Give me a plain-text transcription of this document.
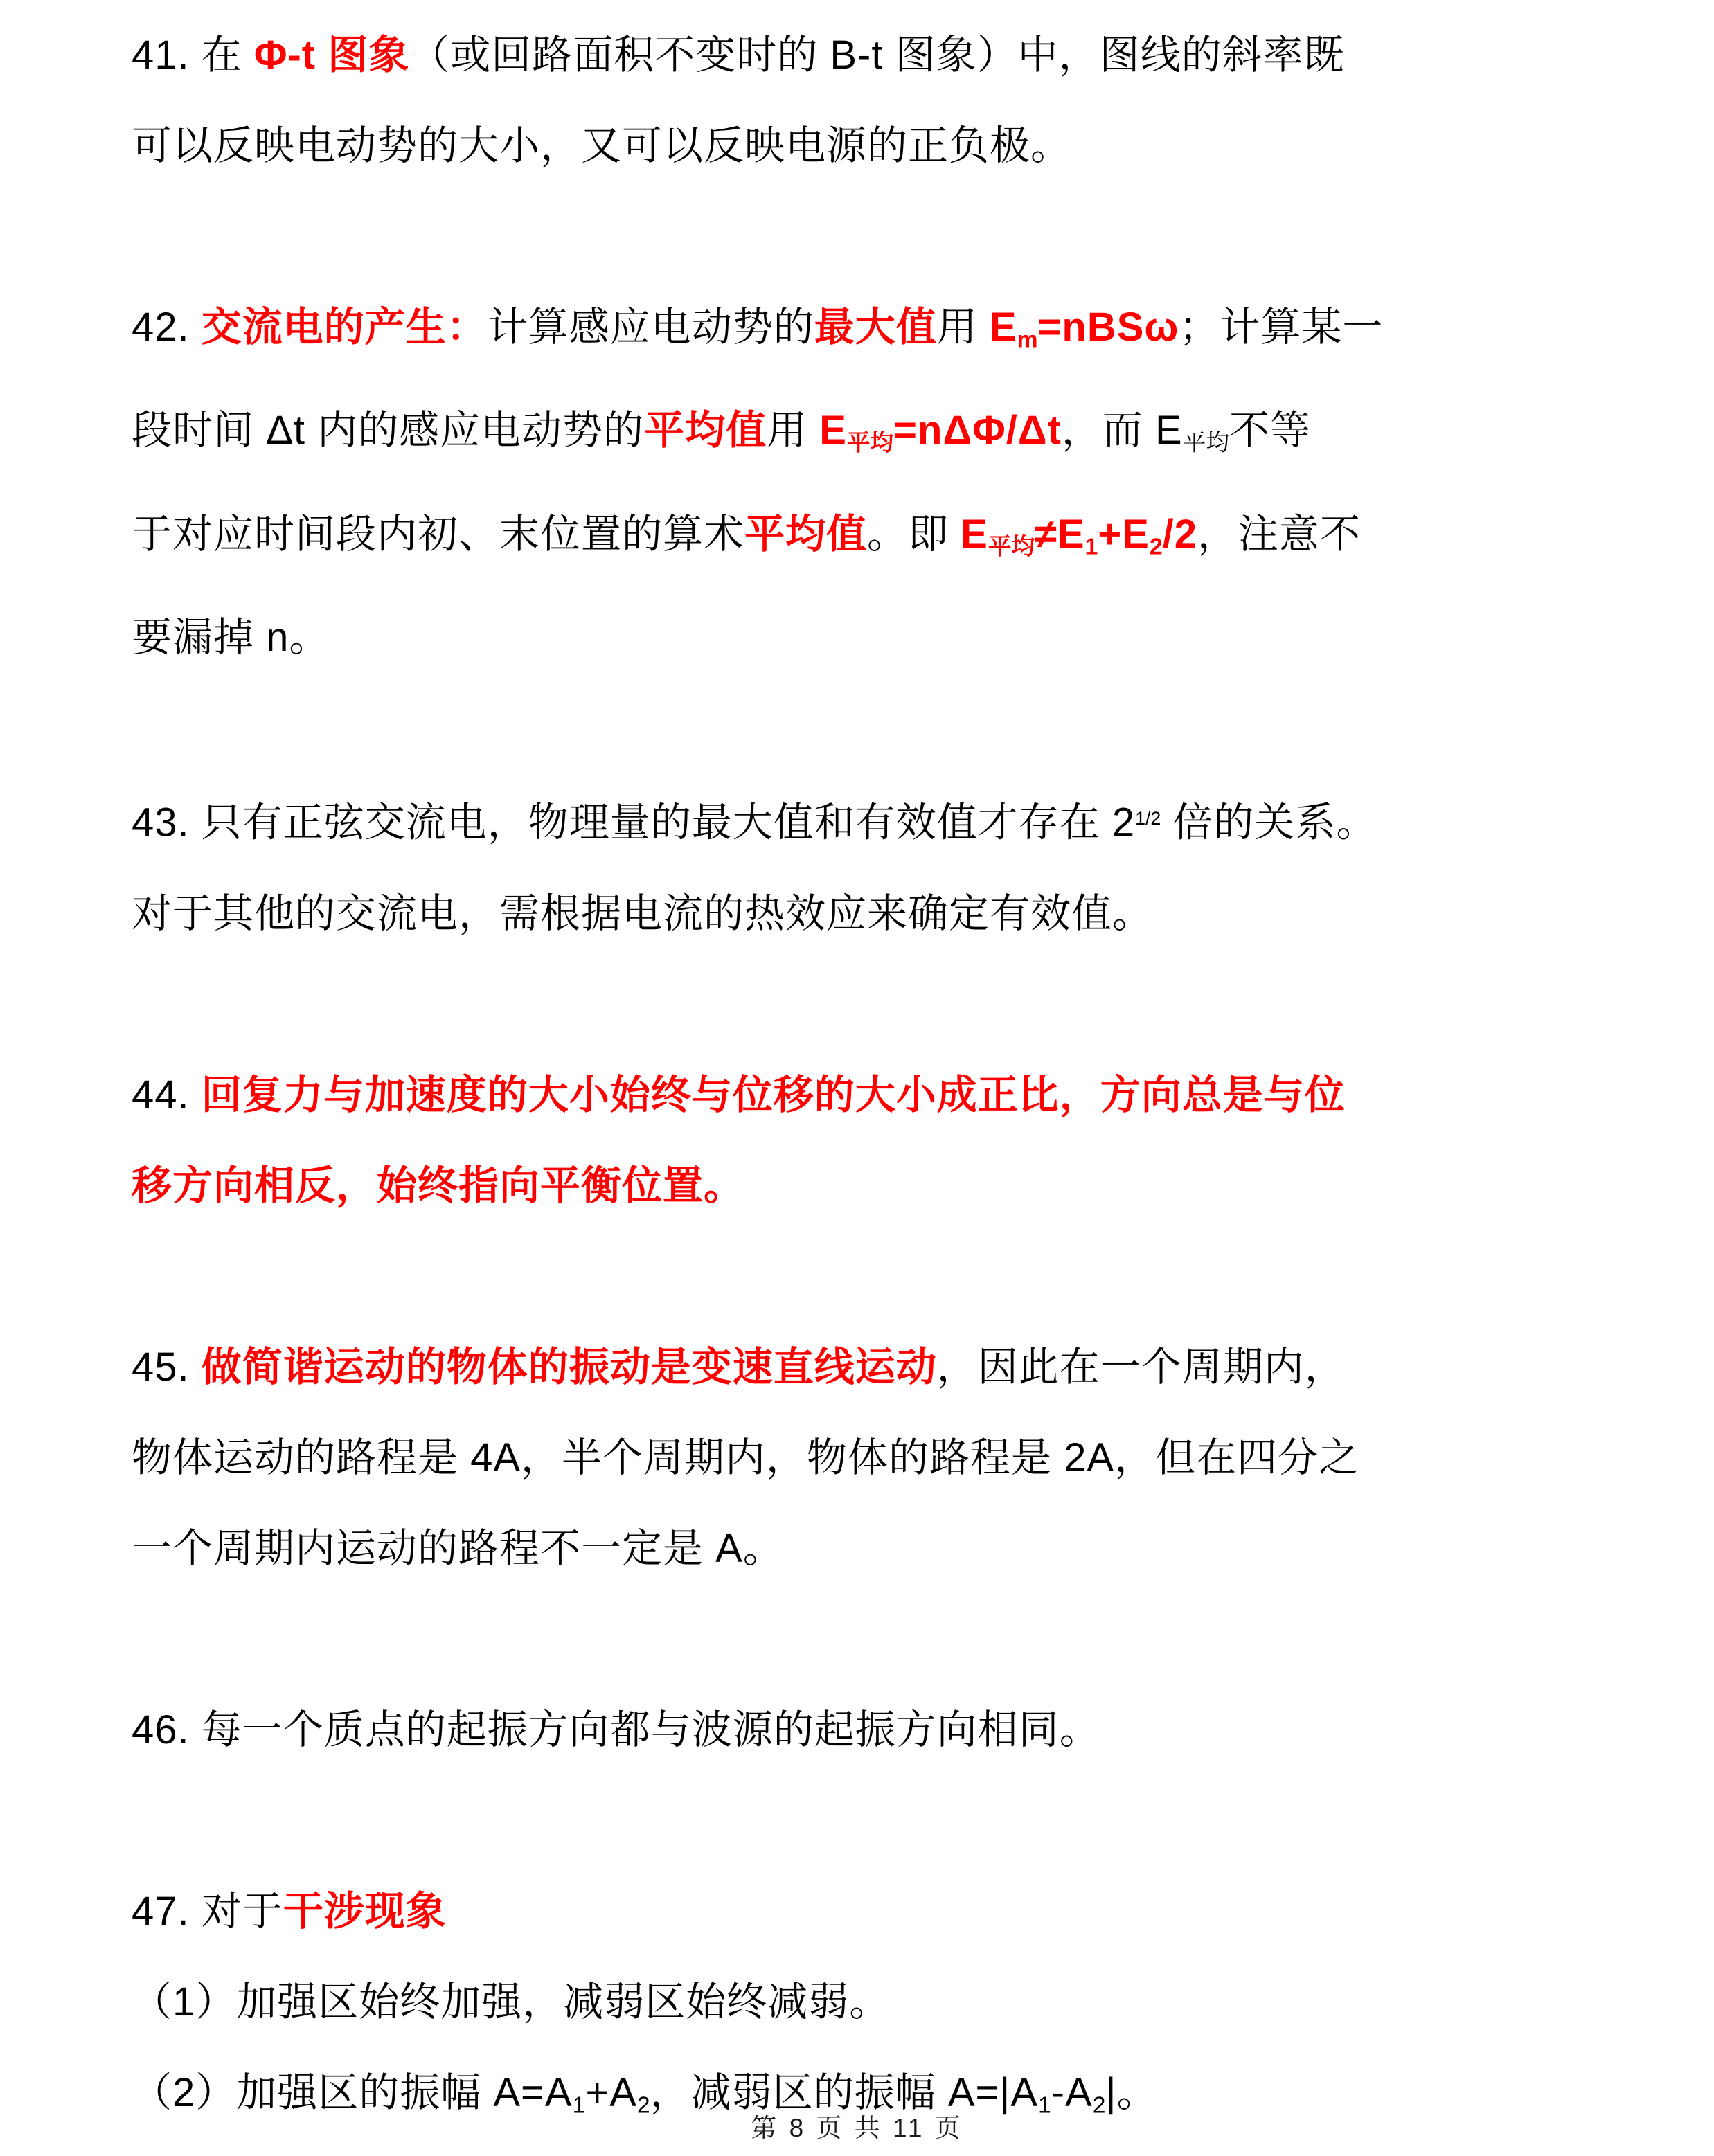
41. 在 Φ-t 图象（或回路面积不变时的 B-t 图象）中，图线的斜率既
可以反映电动势的大小，又可以反映电源的正负极。
42. 交流电的产生：计算感应电动势的最大值用 $E_m=nBS\omega$；计算某一
段时间 Δt 内的感应电动势的平均值用 $E_{平均}=n\Delta\Phi/\Delta t$，而 $E_{平均}$不等
于对应时间段内初、末位置的算术平均值。即 $E_{平均}\ne E_1+E_2/2$，注意不
要漏掉 n。
43. 只有正弦交流电，物理量的最大值和有效值才存在 $2^{1/2}$ 倍的关系。
对于其他的交流电，需根据电流的热效应来确定有效值。
44. 回复力与加速度的大小始终与位移的大小成正比，方向总是与位
移方向相反，始终指向平衡位置。
45. 做简谐运动的物体的振动是变速直线运动，因此在一个周期内，
物体运动的路程是 4A，半个周期内，物体的路程是 2A，但在四分之
一个周期内运动的路程不一定是 A。
46. 每一个质点的起振方向都与波源的起振方向相同。
47. 对于干涉现象
（1）加强区始终加强，减弱区始终减弱。
（2）加强区的振幅 $A=A_1+A_2$，减弱区的振幅 $A=|A_1-A_2|$。
第 8 页 共 11 页
